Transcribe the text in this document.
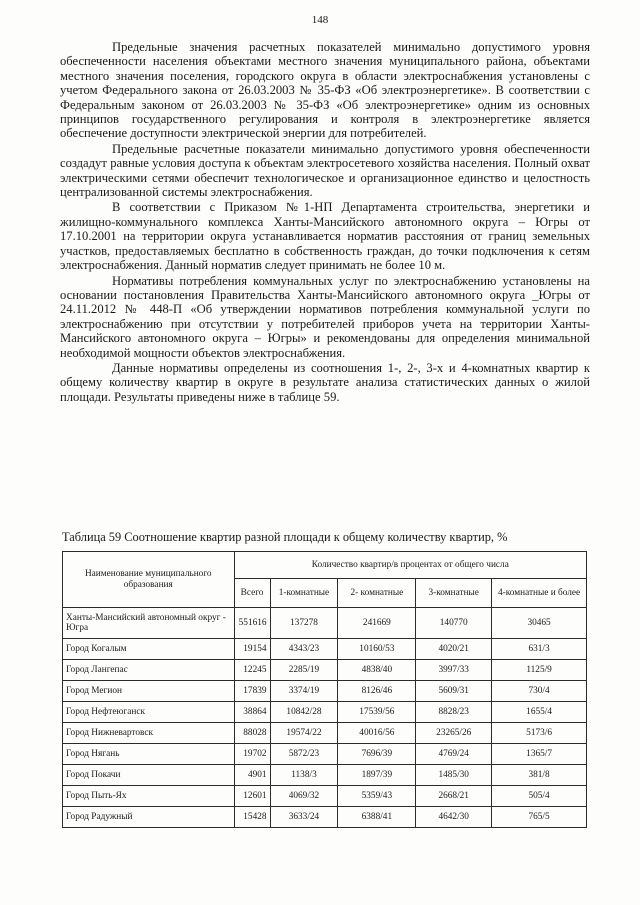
148

Предельные значения расчетных показателей минимально допустимого уровня обеспеченности населения объектами местного значения муниципального района, объектами местного значения поселения, городского округа в области электроснабжения установлены с учетом Федерального закона от 26.03.2003 № 35-ФЗ «Об электроэнергетике». В соответствии с Федеральным законом от 26.03.2003 № 35-ФЗ «Об электроэнергетике» одним из основных принципов государственного регулирования и контроля в электроэнергетике является обеспечение доступности электрической энергии для потребителей.

Предельные расчетные показатели минимально допустимого уровня обеспеченности создадут равные условия доступа к объектам электросетевого хозяйства населения. Полный охват электрическими сетями обеспечит технологическое и организационное единство и целостность централизованной системы электроснабжения.

В соответствии с Приказом №1-НП Департамента строительства, энергетики и жилищно-коммунального комплекса Ханты-Мансийского автономного округа – Югры от 17.10.2001 на территории округа устанавливается норматив расстояния от границ земельных участков, предоставляемых бесплатно в собственность граждан, до точки подключения к сетям электроснабжения. Данный норматив следует принимать не более 10 м.

Нормативы потребления коммунальных услуг по электроснабжению установлены на основании постановления Правительства Ханты-Мансийского автономного округа _Югры от 24.11.2012 № 448-П «Об утверждении нормативов потребления коммунальной услуги по электроснабжению при отсутствии у потребителей приборов учета на территории Ханты-Мансийского автономного округа – Югры» и рекомендованы для определения минимальной необходимой мощности объектов электроснабжения.

Данные нормативы определены из соотношения 1-, 2-, 3-х и 4-комнатных квартир к общему количеству квартир в округе в результате анализа статистических данных о жилой площади. Результаты приведены ниже в таблице 59.

Таблица 59 Соотношение квартир разной площади к общему количеству квартир, %
Наименование муниципального образования	Количество квартир/в процентах от общего числа				
	Всего	1-комнатные	2- комнатные	3-комнатные	4-комнатные и более
Ханты-Мансийский автономный округ - Югра	551616	137278	241669	140770	30465
Город Когалым	19154	4343/23	10160/53	4020/21	631/3
Город Лангепас	12245	2285/19	4838/40	3997/33	1125/9
Город Мегион	17839	3374/19	8126/46	5609/31	730/4
Город Нефтеюганск	38864	10842/28	17539/56	8828/23	1655/4
Город Нижневартовск	88028	19574/22	40016/56	23265/26	5173/6
Город Нягань	19702	5872/23	7696/39	4769/24	1365/7
Город Покачи	4901	1138/3	1897/39	1485/30	381/8
Город Пыть-Ях	12601	4069/32	5359/43	2668/21	505/4
Город Радужный	15428	3633/24	6388/41	4642/30	765/5
